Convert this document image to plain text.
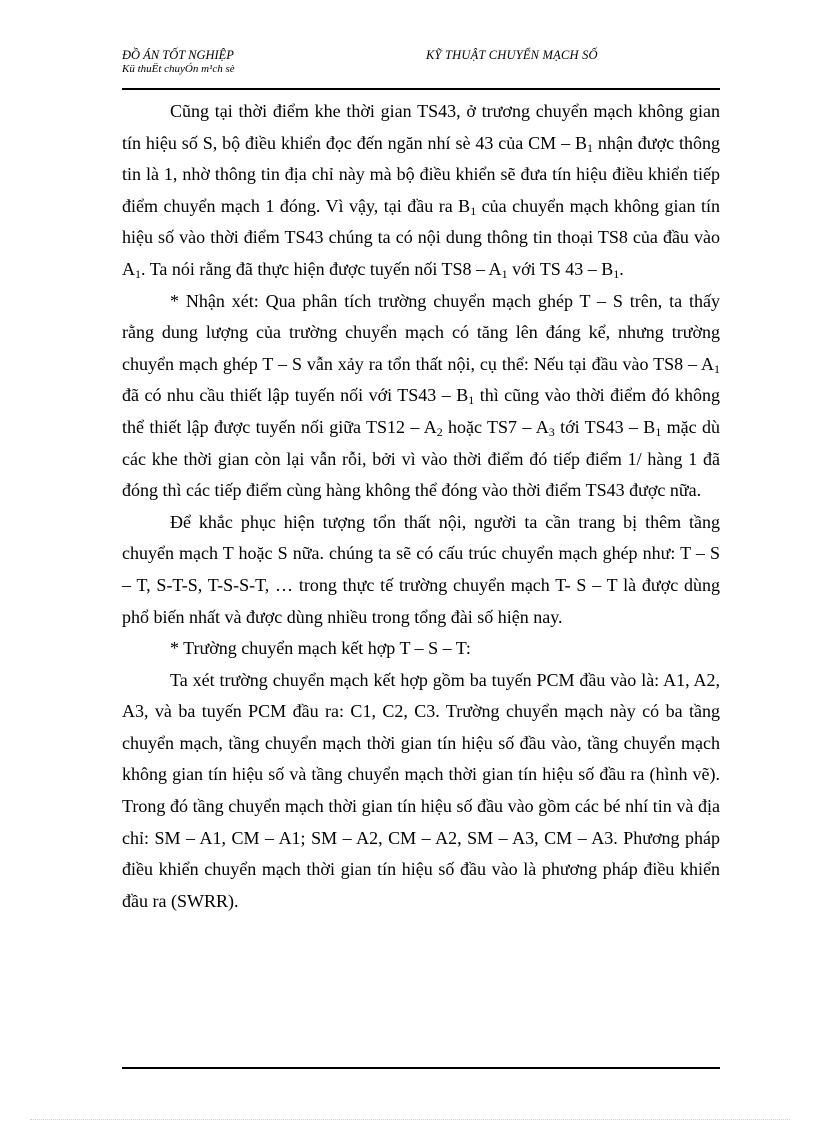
ĐỒ ÁN TỐT NGHIỆP
Kü thuËt chuyÓn m¹ch sè
KỸ THUẬT CHUYỂN MẠCH SỐ

Cũng tại thời điểm khe thời gian TS43, ở trương chuyển mạch không gian tín hiệu số S, bộ điều khiển đọc đến ngăn nhí sè 43 của CM – $B_1$ nhận được thông tin là 1, nhờ thông tin địa chỉ này mà bộ điều khiển sẽ đưa tín hiệu điều khiển tiếp điểm chuyển mạch 1 đóng. Vì vậy, tại đầu ra $B_1$ của chuyển mạch không gian tín hiệu số vào thời điểm TS43 chúng ta có nội dung thông tin thoại TS8 của đầu vào $A_1$. Ta nói rằng đã thực hiện được tuyến nối $TS8 - A_1$ với TS $43 - B_1$.

* Nhận xét: Qua phân tích trường chuyển mạch ghép T – S trên, ta thấy rằng dung lượng của trường chuyển mạch có tăng lên đáng kể, nhưng trường chuyển mạch ghép T – S vẫn xảy ra tổn thất nội, cụ thể: Nếu tại đầu vào $TS8 - A_1$ đã có nhu cầu thiết lập tuyến nối với $TS43 - B_1$ thì cũng vào thời điểm đó không thể thiết lập được tuyến nối giữa $TS12 - A_2$ hoặc $TS7 - A_3$ tới $TS43 - B_1$ mặc dù các khe thời gian còn lại vẫn rỗi, bởi vì vào thời điểm đó tiếp điểm 1/ hàng 1 đã đóng thì các tiếp điểm cùng hàng không thể đóng vào thời điểm TS43 được nữa.

Để khắc phục hiện tượng tổn thất nội, người ta cần trang bị thêm tầng chuyển mạch T hoặc S nữa. chúng ta sẽ có cấu trúc chuyển mạch ghép như: T – S – T, S-T-S, T-S-S-T, … trong thực tế trường chuyển mạch T- S – T là được dùng phổ biến nhất và được dùng nhiều trong tổng đài số hiện nay.

* Trường chuyển mạch kết hợp T – S – T:

Ta xét trường chuyển mạch kết hợp gồm ba tuyến PCM đầu vào là: A1, A2, A3, và ba tuyến PCM đầu ra: C1, C2, C3. Trường chuyển mạch này có ba tầng chuyển mạch, tầng chuyển mạch thời gian tín hiệu số đầu vào, tầng chuyển mạch không gian tín hiệu số và tầng chuyển mạch thời gian tín hiệu số đầu ra (hình vẽ). Trong đó tầng chuyển mạch thời gian tín hiệu số đầu vào gồm các bé nhí tin và địa chỉ: SM – A1, CM – A1; SM – A2, CM – A2, SM – A3, CM – A3. Phương pháp điều khiển chuyển mạch thời gian tín hiệu số đầu vào là phương pháp điều khiển đầu ra (SWRR).
